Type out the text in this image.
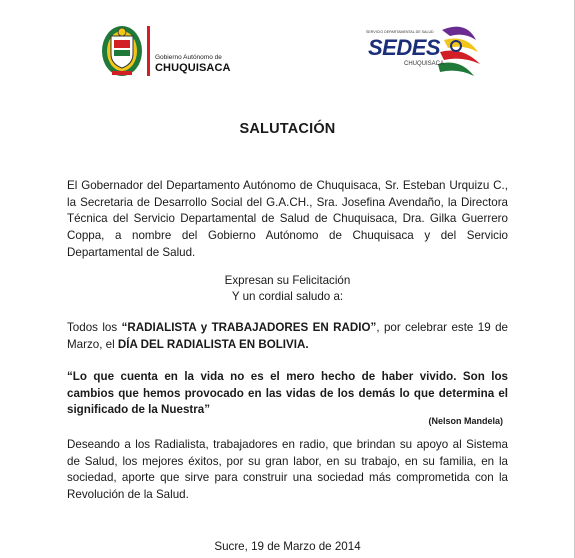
Gobierno Autónomo de
CHUQUISACA
SERVICIO DEPARTAMENTAL DE SALUD
SEDES
CHUQUISACA
SALUTACIÓN
El Gobernador del Departamento Autónomo de Chuquisaca, Sr. Esteban Urquizu C., la Secretaria de Desarrollo Social del G.A.CH., Sra. Josefina Avendaño, la Directora Técnica del Servicio Departamental de Salud de Chuquisaca, Dra. Gilka Guerrero Coppa, a nombre del Gobierno Autónomo de Chuquisaca y del Servicio Departamental de Salud.
Expresan su Felicitación
Y un cordial saludo a:
Todos los “RADIALISTA y TRABAJADORES EN RADIO”, por celebrar este 19 de Marzo, el DÍA DEL RADIALISTA EN BOLIVIA.
“Lo que cuenta en la vida no es el mero hecho de haber vivido. Son los cambios que hemos provocado en las vidas de los demás lo que determina el significado de la Nuestra”
(Nelson Mandela)
Deseando a los Radialista, trabajadores en radio, que brindan su apoyo al Sistema de Salud, los mejores éxitos, por su gran labor, en su trabajo, en su familia, en la sociedad, aporte que sirve para construir una sociedad más comprometida con la Revolución de la Salud.
Sucre, 19 de Marzo de 2014
